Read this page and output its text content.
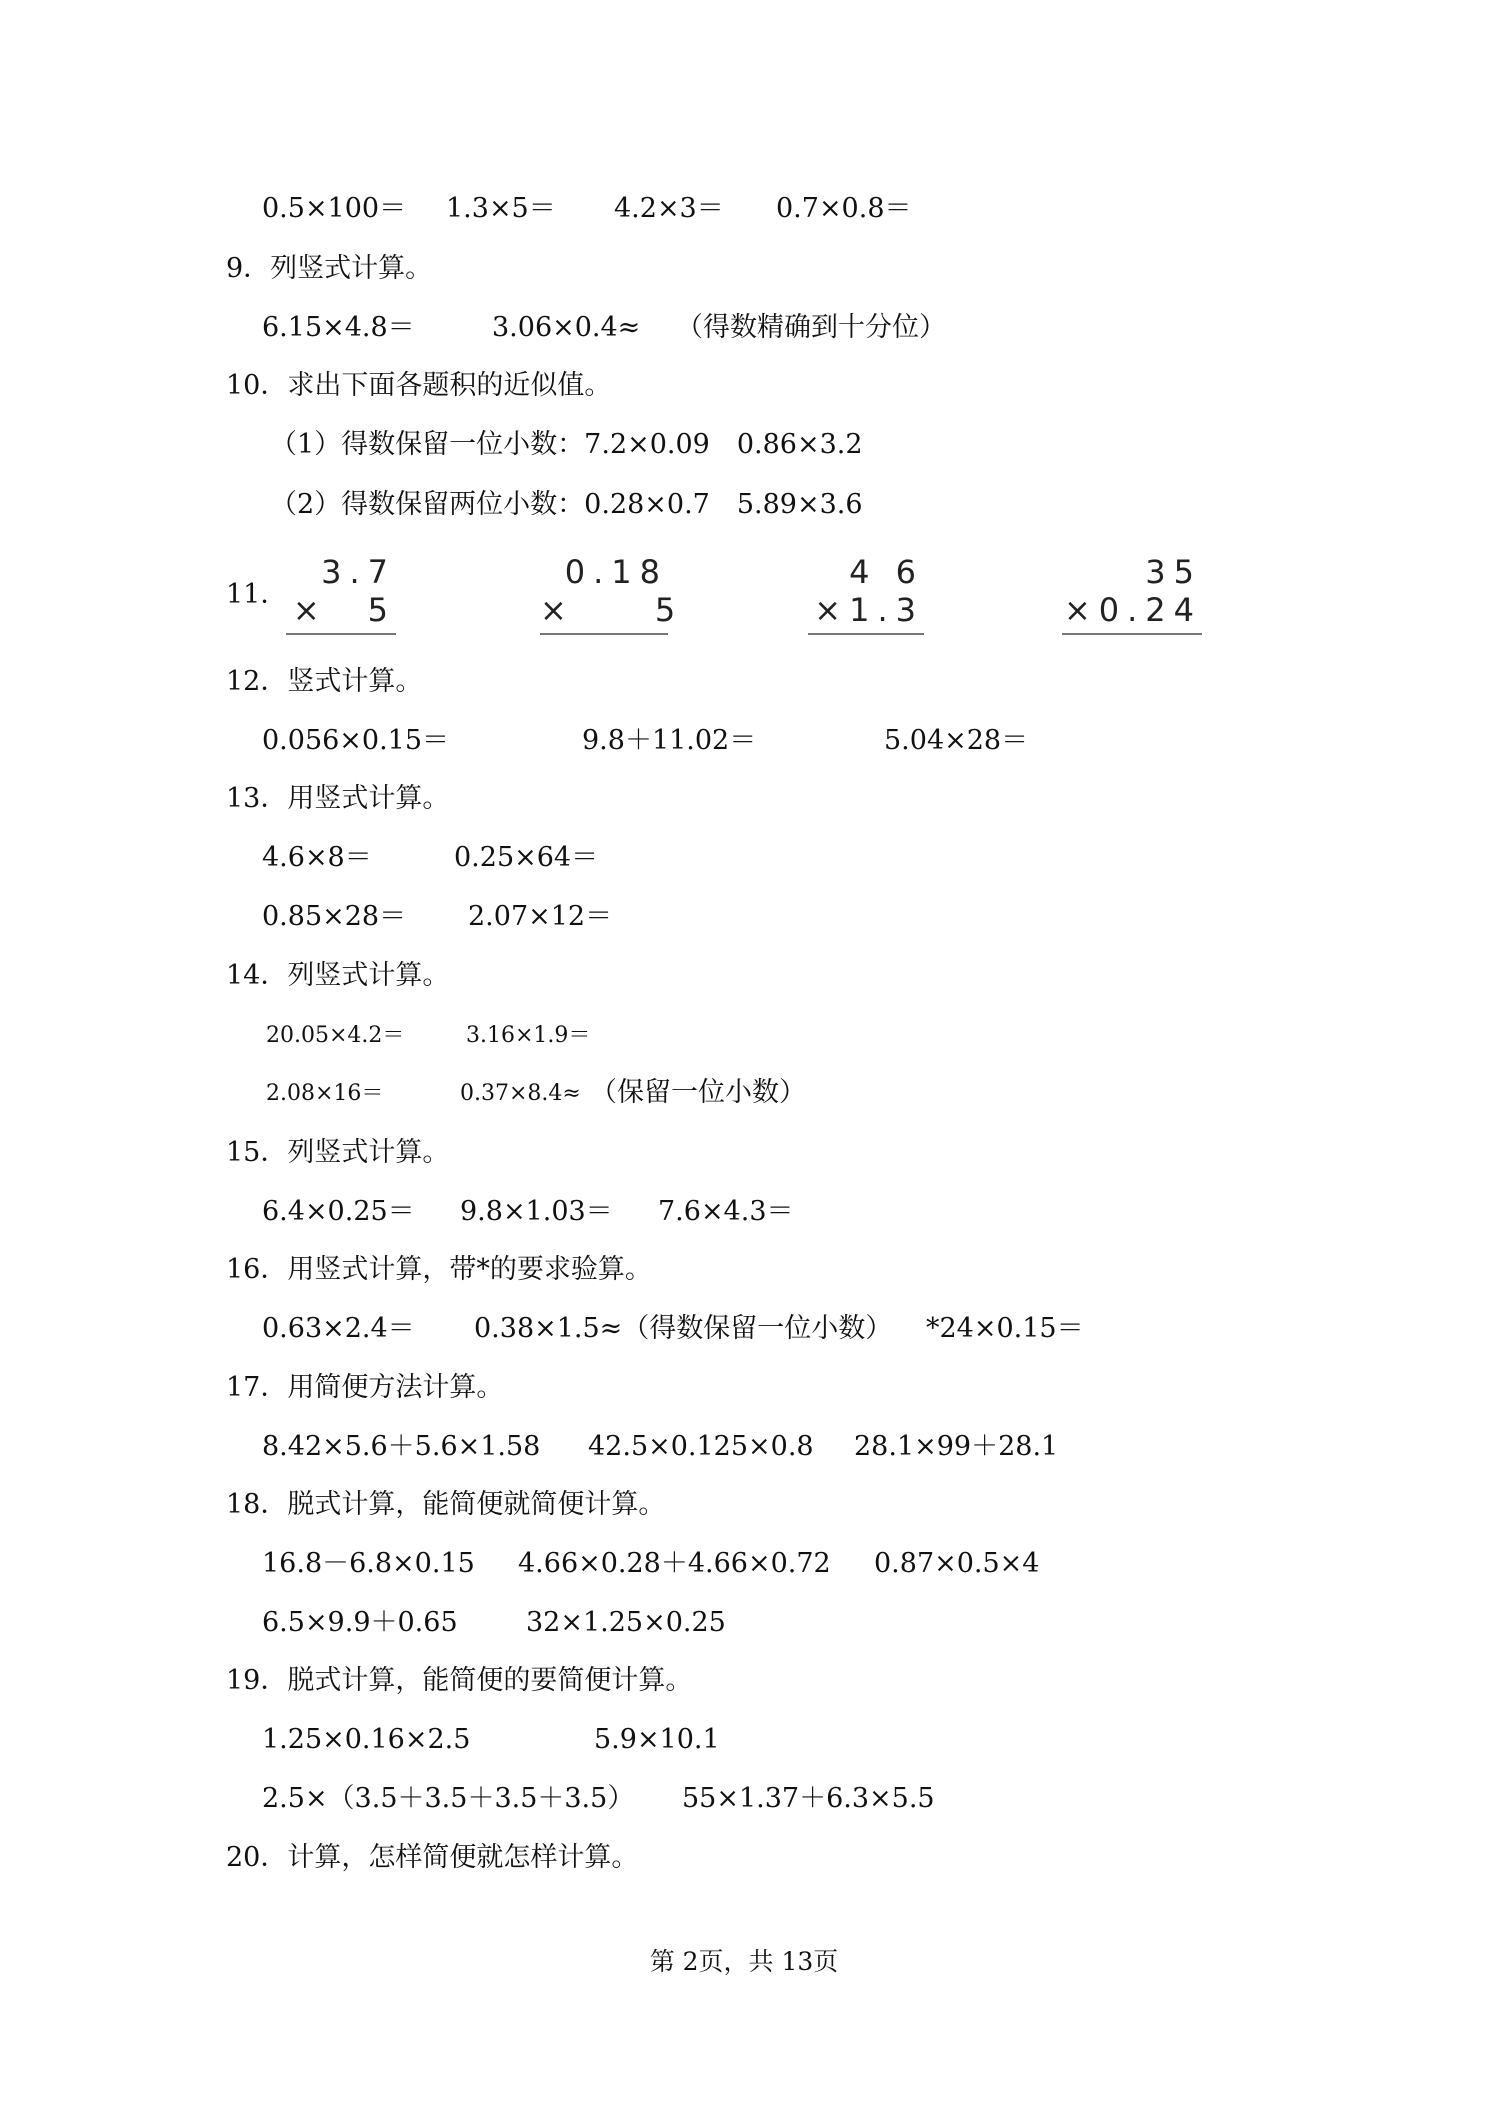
0.5×100＝ 1.3×5＝ 4.2×3＝ 0.7×0.8＝
9．列竖式计算。
6.15×4.8＝	3.06×0.4≈ （得数精确到十分位）
10．求出下面各题积的近似值。
（1）得数保留一位小数：7.2×0.09　0.86×3.2
（2）得数保留两位小数：0.28×0.7　5.89×3.6
11．
3.7
×　5
0.18
×　　5
4 6
×1.3
35
×0.24
12．竖式计算。
0.056×0.15＝	9.8＋11.02＝	5.04×28＝
13．用竖式计算。
4.6×8＝	0.25×64＝
0.85×28＝ 2.07×12＝
14．列竖式计算。
20.05×4.2＝	3.16×1.9＝
2.08×16＝	0.37×8.4≈ （保留一位小数）
15．列竖式计算。
6.4×0.25＝ 9.8×1.03＝ 7.6×4.3＝
16．用竖式计算，带*的要求验算。
0.63×2.4＝ 0.38×1.5≈（得数保留一位小数） *24×0.15＝
17．用简便方法计算。
8.42×5.6＋5.6×1.58 42.5×0.125×0.8 28.1×99＋28.1
18．脱式计算，能简便就简便计算。
16.8－6.8×0.15 4.66×0.28＋4.66×0.72 0.87×0.5×4
6.5×9.9＋0.65	32×1.25×0.25
19．脱式计算，能简便的要简便计算。
1.25×0.16×2.5	5.9×10.1
2.5×（3.5＋3.5＋3.5＋3.5） 55×1.37＋6.3×5.5
20．计算，怎样简便就怎样计算。
第 2页，共 13页
